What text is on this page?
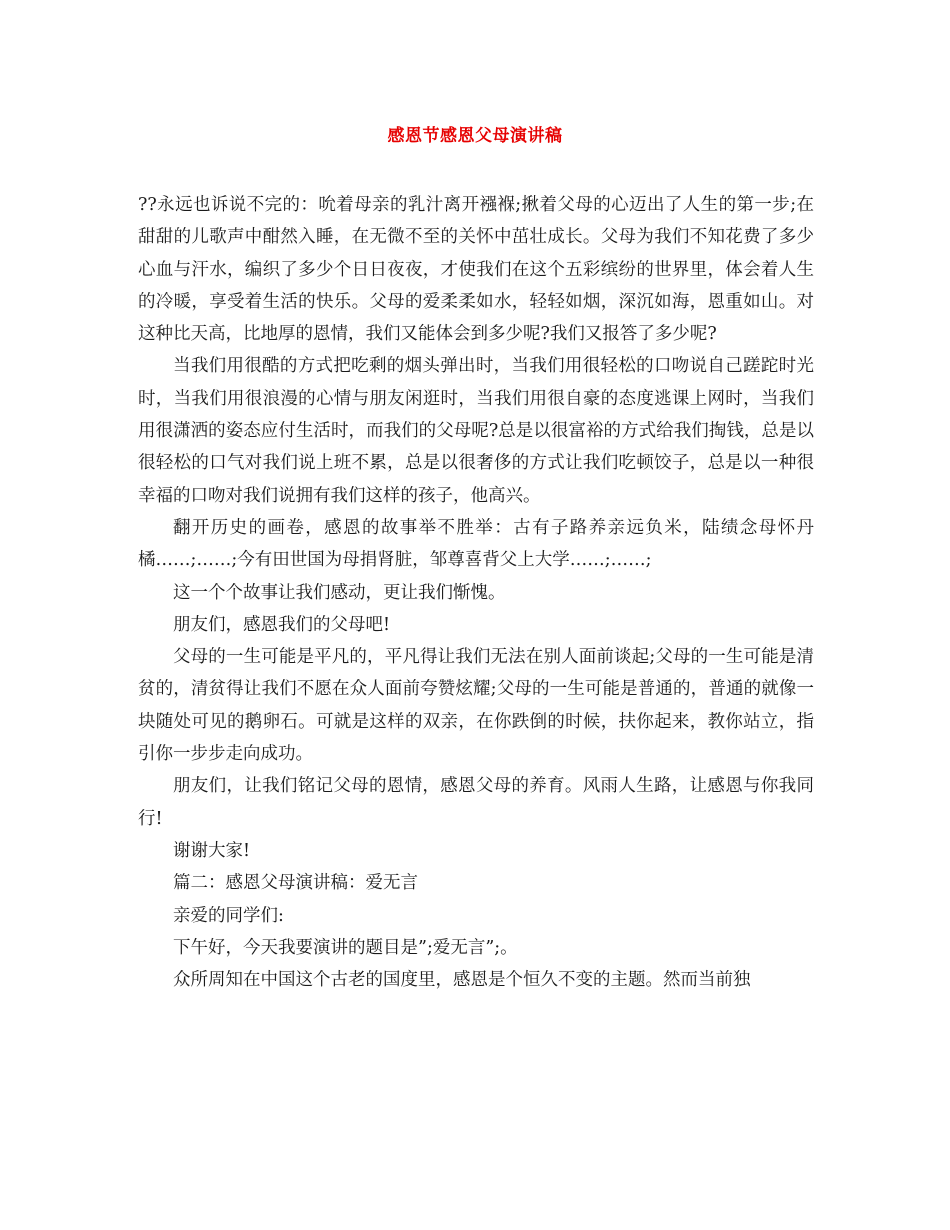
感恩节感恩父母演讲稿

??永远也诉说不完的：吮着母亲的乳汁离开襁褓;揪着父母的心迈出了人生的第一步;在甜甜的儿歌声中酣然入睡，在无微不至的关怀中茁壮成长。父母为我们不知花费了多少心血与汗水，编织了多少个日日夜夜，才使我们在这个五彩缤纷的世界里，体会着人生的冷暖，享受着生活的快乐。父母的爱柔柔如水，轻轻如烟，深沉如海，恩重如山。对这种比天高，比地厚的恩情，我们又能体会到多少呢?我们又报答了多少呢?

当我们用很酷的方式把吃剩的烟头弹出时，当我们用很轻松的口吻说自己蹉跎时光时，当我们用很浪漫的心情与朋友闲逛时，当我们用很自豪的态度逃课上网时，当我们用很潇洒的姿态应付生活时，而我们的父母呢?总是以很富裕的方式给我们掏钱，总是以很轻松的口气对我们说上班不累，总是以很奢侈的方式让我们吃顿饺子，总是以一种很幸福的口吻对我们说拥有我们这样的孩子，他高兴。

翻开历史的画卷，感恩的故事举不胜举：古有子路养亲远负米，陆绩念母怀丹橘……;……;今有田世国为母捐肾脏，邹尊喜背父上大学……;……;

这一个个故事让我们感动，更让我们惭愧。

朋友们，感恩我们的父母吧!

父母的一生可能是平凡的，平凡得让我们无法在别人面前谈起;父母的一生可能是清贫的，清贫得让我们不愿在众人面前夸赞炫耀;父母的一生可能是普通的，普通的就像一块随处可见的鹅卵石。可就是这样的双亲，在你跌倒的时候，扶你起来，教你站立，指引你一步步走向成功。

朋友们，让我们铭记父母的恩情，感恩父母的养育。风雨人生路，让感恩与你我同行!

谢谢大家!

篇二：感恩父母演讲稿：爱无言

亲爱的同学们:

下午好，今天我要演讲的题目是”;爱无言”;。

众所周知在中国这个古老的国度里，感恩是个恒久不变的主题。然而当前独
